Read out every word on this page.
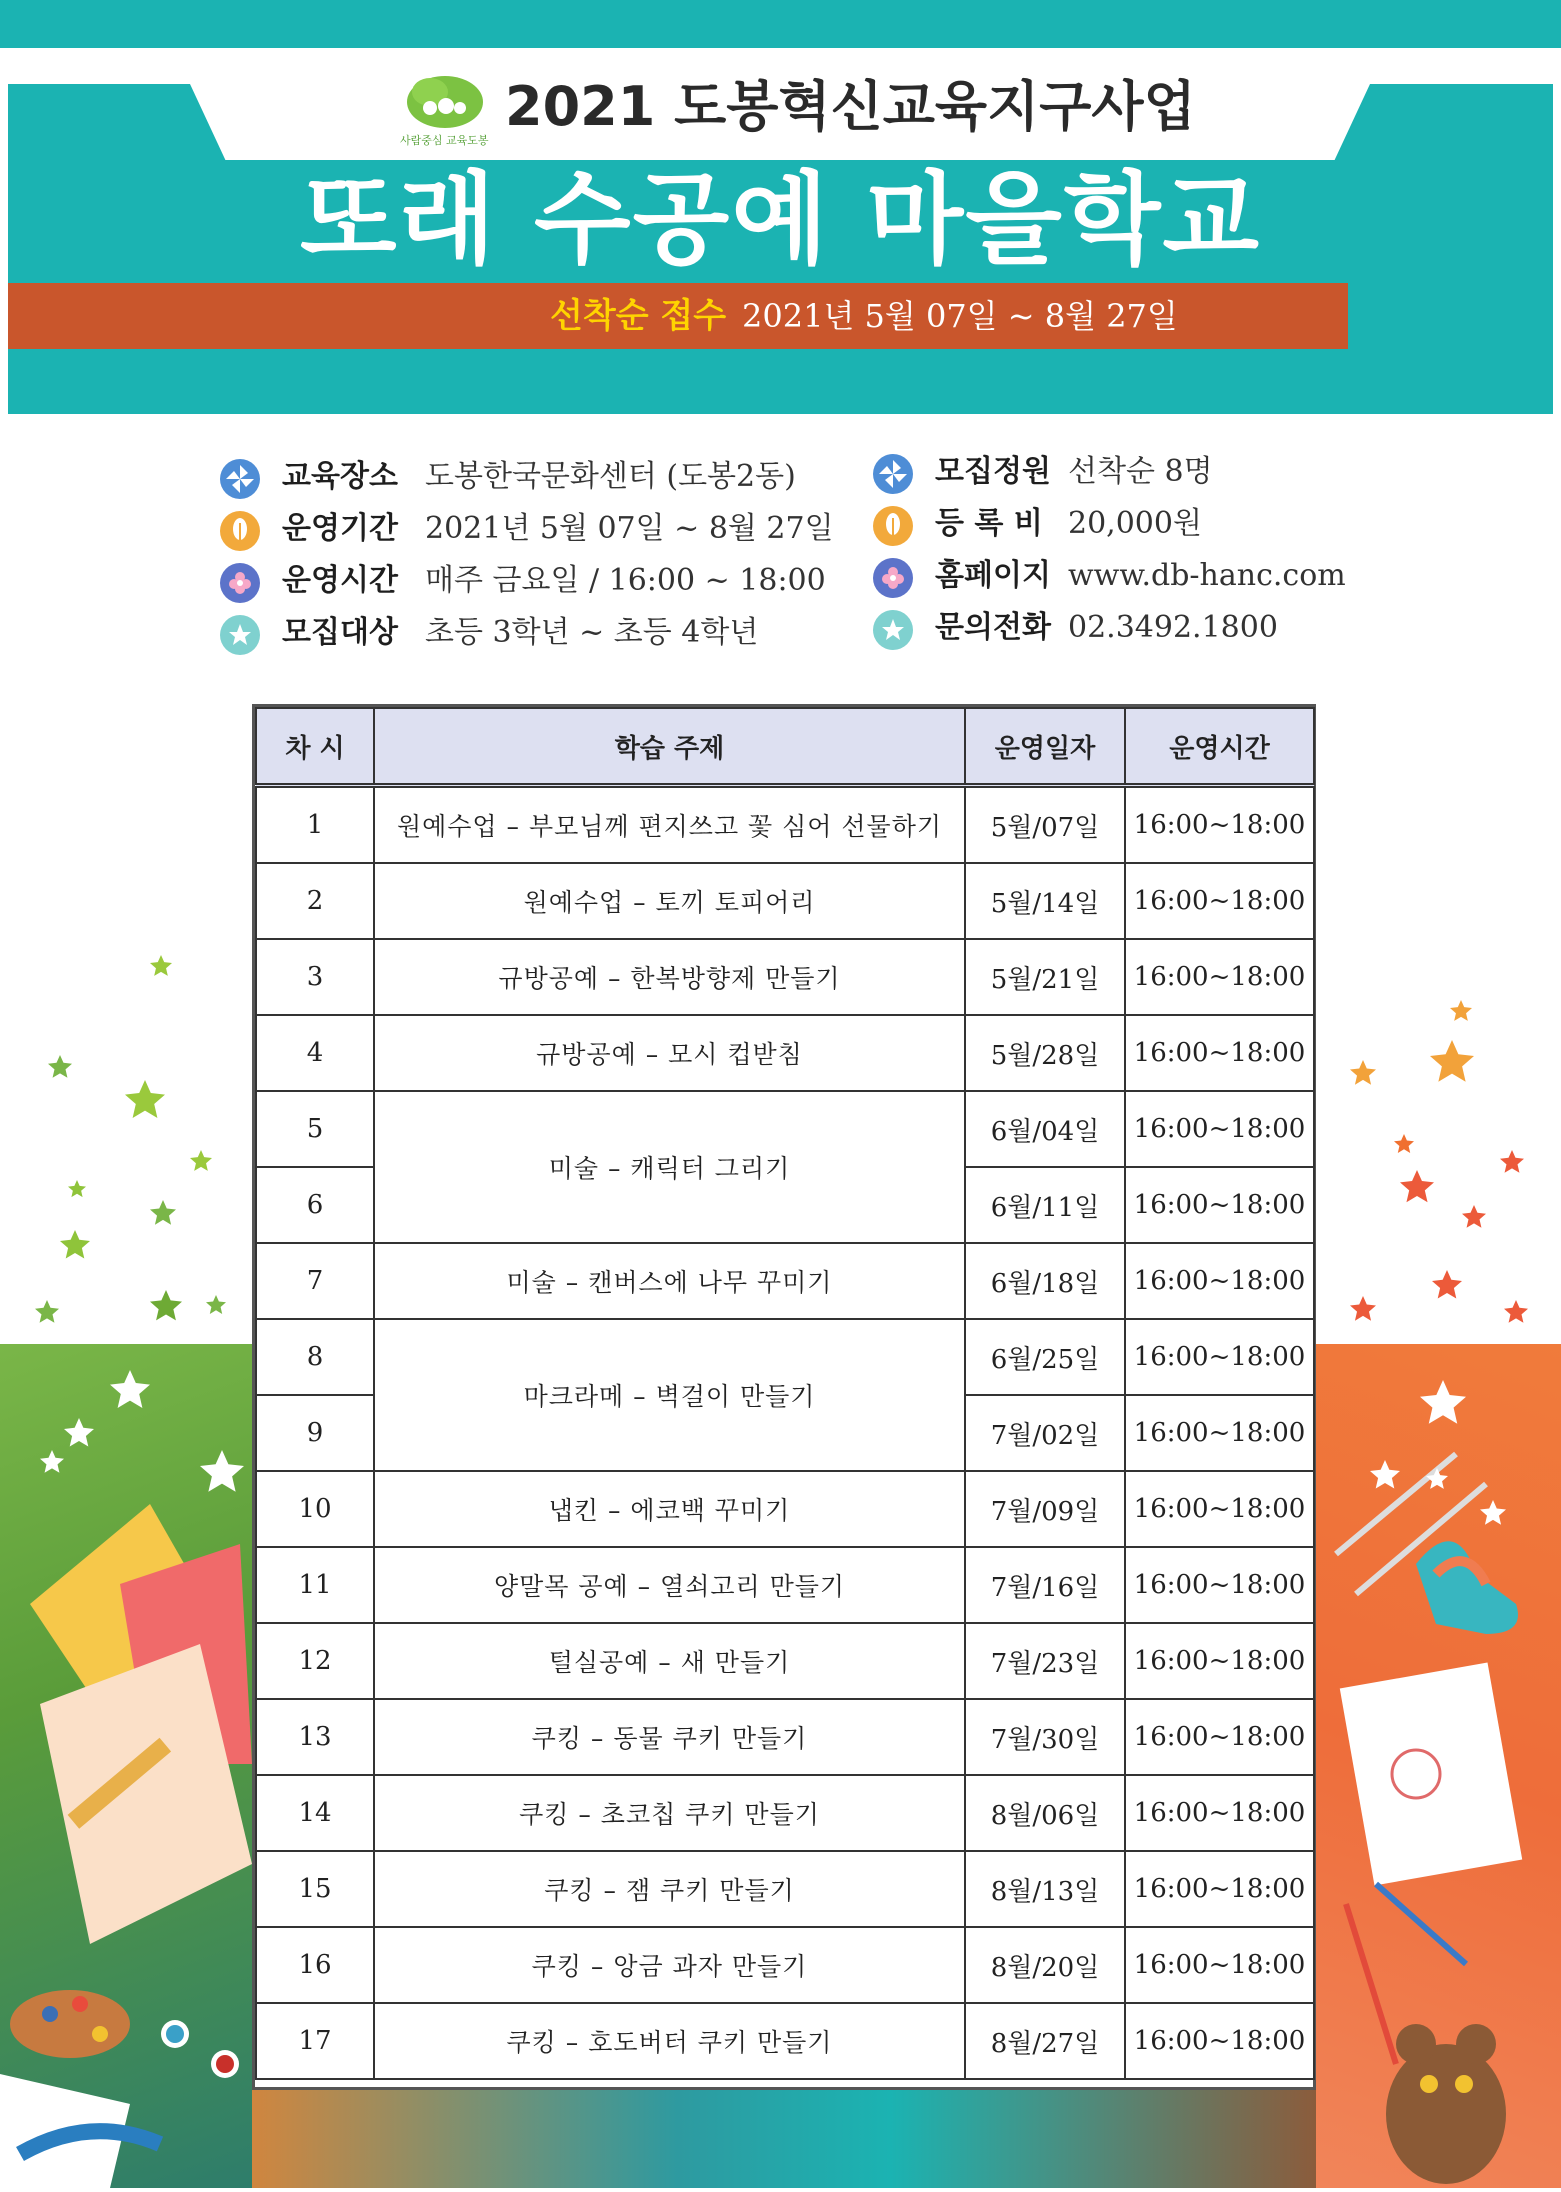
사람중심 교육도봉
2021 도봉혁신교육지구사업
또래 수공예 마을학교
선착순 접수 2021년 5월 07일 ~ 8월 27일
교육장소 도봉한국문화센터 (도봉2동)
운영기간 2021년 5월 07일 ~ 8월 27일
운영시간 매주 금요일 / 16:00 ~ 18:00
모집대상 초등 3학년 ~ 초등 4학년
모집정원 선착순 8명
등 록 비 20,000원
홈페이지 www.db-hanc.com
문의전화 02.3492.1800
차 시	학습 주제	운영일자	운영시간
1	원예수업 – 부모님께 편지쓰고 꽃 심어 선물하기	5월/07일	16:00~18:00
2	원예수업 – 토끼 토피어리	5월/14일	16:00~18:00
3	규방공예 – 한복방향제 만들기	5월/21일	16:00~18:00
4	규방공예 – 모시 컵받침	5월/28일	16:00~18:00
5	미술 – 캐릭터 그리기	6월/04일	16:00~18:00
6		6월/11일	16:00~18:00
7	미술 – 캔버스에 나무 꾸미기	6월/18일	16:00~18:00
8	마크라메 – 벽걸이 만들기	6월/25일	16:00~18:00
9		7월/02일	16:00~18:00
10	냅킨 – 에코백 꾸미기	7월/09일	16:00~18:00
11	양말목 공예 – 열쇠고리 만들기	7월/16일	16:00~18:00
12	털실공예 – 새 만들기	7월/23일	16:00~18:00
13	쿠킹 – 동물 쿠키 만들기	7월/30일	16:00~18:00
14	쿠킹 – 초코칩 쿠키 만들기	8월/06일	16:00~18:00
15	쿠킹 – 잼 쿠키 만들기	8월/13일	16:00~18:00
16	쿠킹 – 앙금 과자 만들기	8월/20일	16:00~18:00
17	쿠킹 – 호도버터 쿠키 만들기	8월/27일	16:00~18:00
